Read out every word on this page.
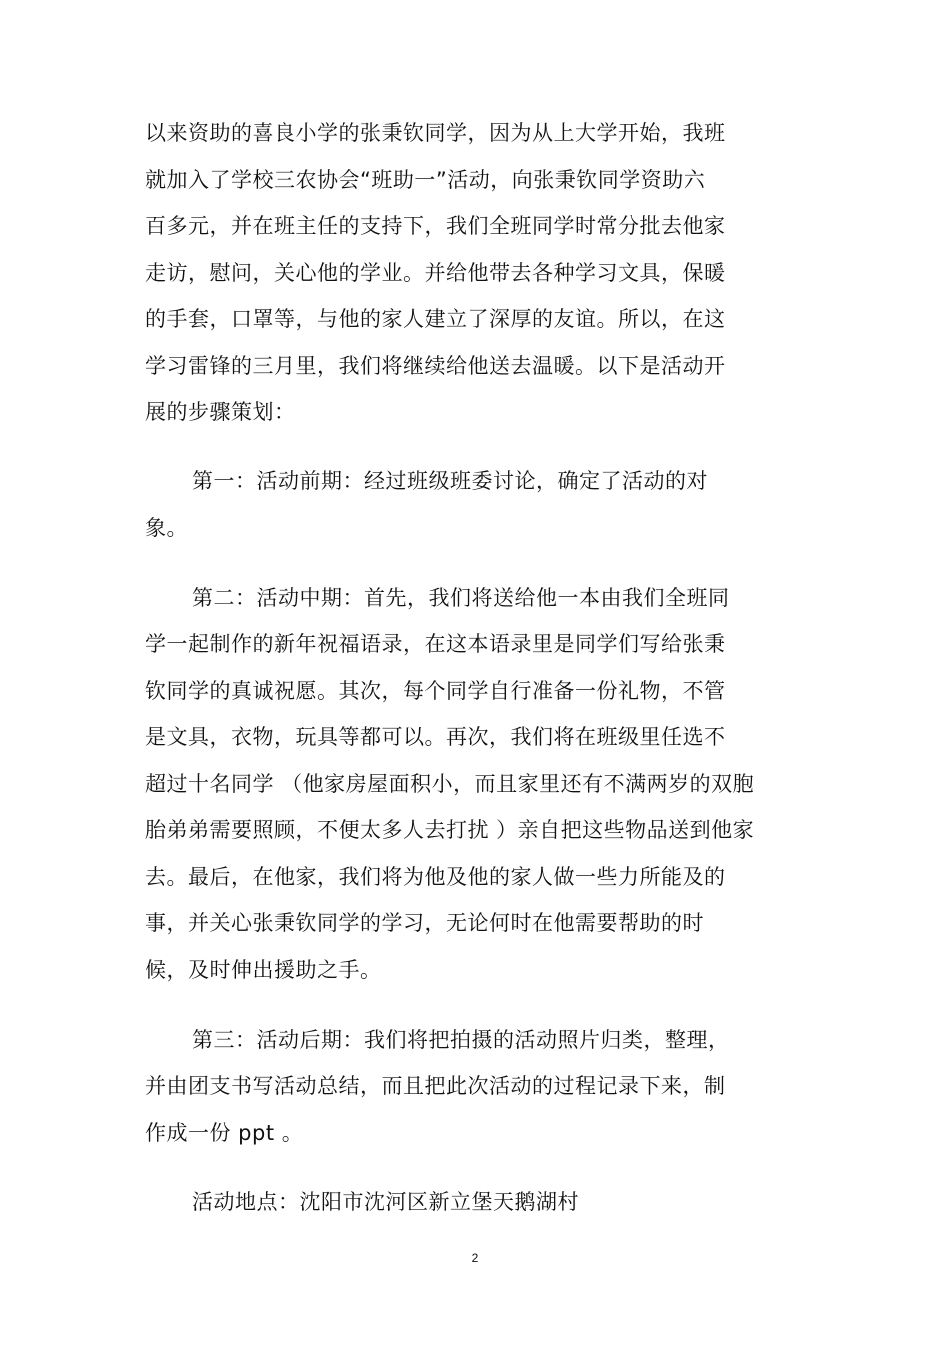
以来资助的喜良小学的张秉钦同学，因为从上大学开始，我班
就加入了学校三农协会“班助一”活动，向张秉钦同学资助六
百多元，并在班主任的支持下，我们全班同学时常分批去他家
走访，慰问，关心他的学业。并给他带去各种学习文具，保暖
的手套，口罩等，与他的家人建立了深厚的友谊。所以，在这
学习雷锋的三月里，我们将继续给他送去温暖。以下是活动开
展的步骤策划：
第一：活动前期：经过班级班委讨论，确定了活动的对
象。
第二：活动中期：首先，我们将送给他一本由我们全班同
学一起制作的新年祝福语录，在这本语录里是同学们写给张秉
钦同学的真诚祝愿。其次，每个同学自行准备一份礼物，不管
是文具，衣物，玩具等都可以。再次，我们将在班级里任选不
超过十名同学 （他家房屋面积小，而且家里还有不满两岁的双胞
胎弟弟需要照顾，不便太多人去打扰 ）亲自把这些物品送到他家
去。最后，在他家，我们将为他及他的家人做一些力所能及的
事，并关心张秉钦同学的学习，无论何时在他需要帮助的时
候，及时伸出援助之手。
第三：活动后期：我们将把拍摄的活动照片归类，整理，
并由团支书写活动总结，而且把此次活动的过程记录下来，制
作成一份 ppt 。
活动地点：沈阳市沈河区新立堡天鹅湖村
2
